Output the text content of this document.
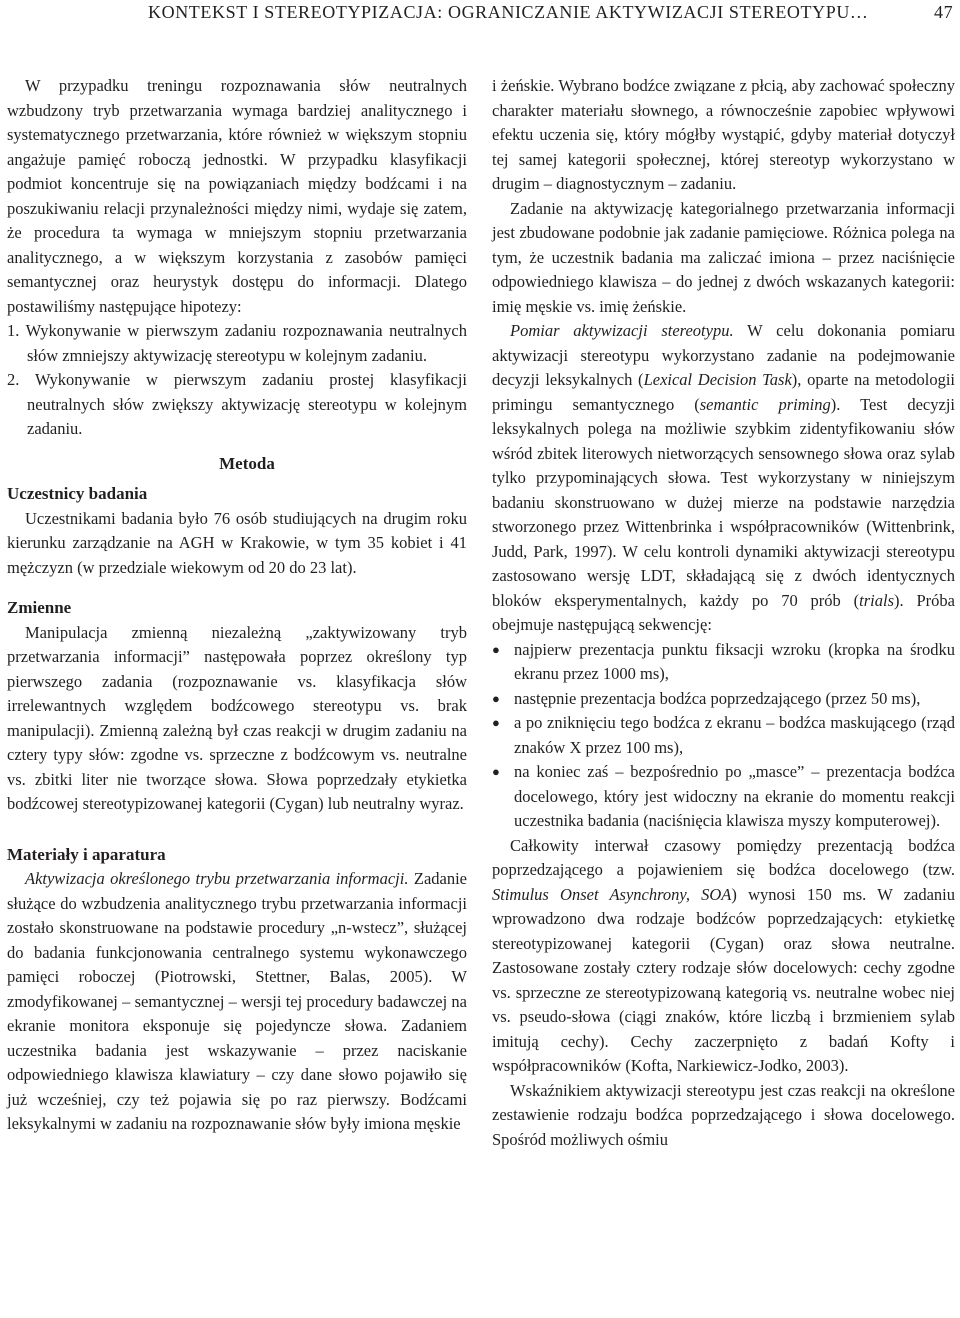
KONTEKST I STEREOTYPIZACJA: OGRANICZANIE AKTYWIZACJI STEREOTYPU…	47

W przypadku treningu rozpoznawania słów neutralnych wzbudzony tryb przetwarzania wymaga bardziej analitycznego i systematycznego przetwarzania, które również w większym stopniu angażuje pamięć roboczą jednostki. W przypadku klasyfikacji podmiot koncentruje się na powiązaniach między bodźcami i na poszukiwaniu relacji przynależności między nimi, wydaje się zatem, że procedura ta wymaga w mniejszym stopniu przetwarzania analitycznego, a w większym korzystania z zasobów pamięci semantycznej oraz heurystyk dostępu do informacji. Dlatego postawiliśmy następujące hipotezy:

1. Wykonywanie w pierwszym zadaniu rozpoznawania neutralnych słów zmniejszy aktywizację stereotypu w kolejnym zadaniu.

2. Wykonywanie w pierwszym zadaniu prostej klasyfikacji neutralnych słów zwiększy aktywizację stereotypu w kolejnym zadaniu.

Metoda
Uczestnicy badania

Uczestnikami badania było 76 osób studiujących na drugim roku kierunku zarządzanie na AGH w Krakowie, w tym 35 kobiet i 41 mężczyzn (w przedziale wiekowym od 20 do 23 lat).

Zmienne

Manipulacja zmienną niezależną „zaktywizowany tryb przetwarzania informacji” następowała poprzez określony typ pierwszego zadania (rozpoznawanie vs. klasyfikacja słów irrelewantnych względem bodźcowego stereotypu vs. brak manipulacji). Zmienną zależną był czas reakcji w drugim zadaniu na cztery typy słów: zgodne vs. sprzeczne z bodźcowym vs. neutralne vs. zbitki liter nie tworzące słowa. Słowa poprzedzały etykietka bodźcowej stereotypizowanej kategorii (Cygan) lub neutralny wyraz.

Materiały i aparatura

Aktywizacja określonego trybu przetwarzania informacji. Zadanie służące do wzbudzenia analitycznego trybu przetwarzania informacji zostało skonstruowane na podstawie procedury „n-wstecz”, służącej do badania funkcjonowania centralnego systemu wykonawczego pamięci roboczej (Piotrowski, Stettner, Balas, 2005). W zmodyfikowanej – semantycznej – wersji tej procedury badawczej na ekranie monitora eksponuje się pojedyncze słowa. Zadaniem uczestnika badania jest wskazywanie – przez naciskanie odpowiedniego klawisza klawiatury – czy dane słowo pojawiło się już wcześniej, czy też pojawia się po raz pierwszy. Bodźcami leksykalnymi w zadaniu na rozpoznawanie słów były imiona męskie

i żeńskie. Wybrano bodźce związane z płcią, aby zachować społeczny charakter materiału słownego, a równocześnie zapobiec wpływowi efektu uczenia się, który mógłby wystąpić, gdyby materiał dotyczył tej samej kategorii społecznej, której stereotyp wykorzystano w drugim – diagnostycznym – zadaniu.

Zadanie na aktywizację kategorialnego przetwarzania informacji jest zbudowane podobnie jak zadanie pamięciowe. Różnica polega na tym, że uczestnik badania ma zaliczać imiona – przez naciśnięcie odpowiedniego klawisza – do jednej z dwóch wskazanych kategorii: imię męskie vs. imię żeńskie.

Pomiar aktywizacji stereotypu. W celu dokonania pomiaru aktywizacji stereotypu wykorzystano zadanie na podejmowanie decyzji leksykalnych (Lexical Decision Task), oparte na metodologii primingu semantycznego (semantic priming). Test decyzji leksykalnych polega na możliwie szybkim zidentyfikowaniu słów wśród zbitek literowych nietworzących sensownego słowa oraz sylab tylko przypominających słowa. Test wykorzystany w niniejszym badaniu skonstruowano w dużej mierze na podstawie narzędzia stworzonego przez Wittenbrinka i współpracowników (Wittenbrink, Judd, Park, 1997). W celu kontroli dynamiki aktywizacji stereotypu zastosowano wersję LDT, składającą się z dwóch identycznych bloków eksperymentalnych, każdy po 70 prób (trials). Próba obejmuje następującą sekwencję:

● najpierw prezentacja punktu fiksacji wzroku (kropka na środku ekranu przez 1000 ms),
● następnie prezentacja bodźca poprzedzającego (przez 50 ms),
● a po zniknięciu tego bodźca z ekranu – bodźca maskującego (rząd znaków X przez 100 ms),
● na koniec zaś – bezpośrednio po „masce” – prezentacja bodźca docelowego, który jest widoczny na ekranie do momentu reakcji uczestnika badania (naciśnięcia klawisza myszy komputerowej).

Całkowity interwał czasowy pomiędzy prezentacją bodźca poprzedzającego a pojawieniem się bodźca docelowego (tzw. Stimulus Onset Asynchrony, SOA) wynosi 150 ms. W zadaniu wprowadzono dwa rodzaje bodźców poprzedzających: etykietkę stereotypizowanej kategorii (Cygan) oraz słowa neutralne. Zastosowane zostały cztery rodzaje słów docelowych: cechy zgodne vs. sprzeczne ze stereotypizowaną kategorią vs. neutralne wobec niej vs. pseudo-słowa (ciągi znaków, które liczbą i brzmieniem sylab imitują cechy). Cechy zaczerpnięto z badań Kofty i współpracowników (Kofta, Narkiewicz-Jodko, 2003).

Wskaźnikiem aktywizacji stereotypu jest czas reakcji na określone zestawienie rodzaju bodźca poprzedzającego i słowa docelowego. Spośród możliwych ośmiu
